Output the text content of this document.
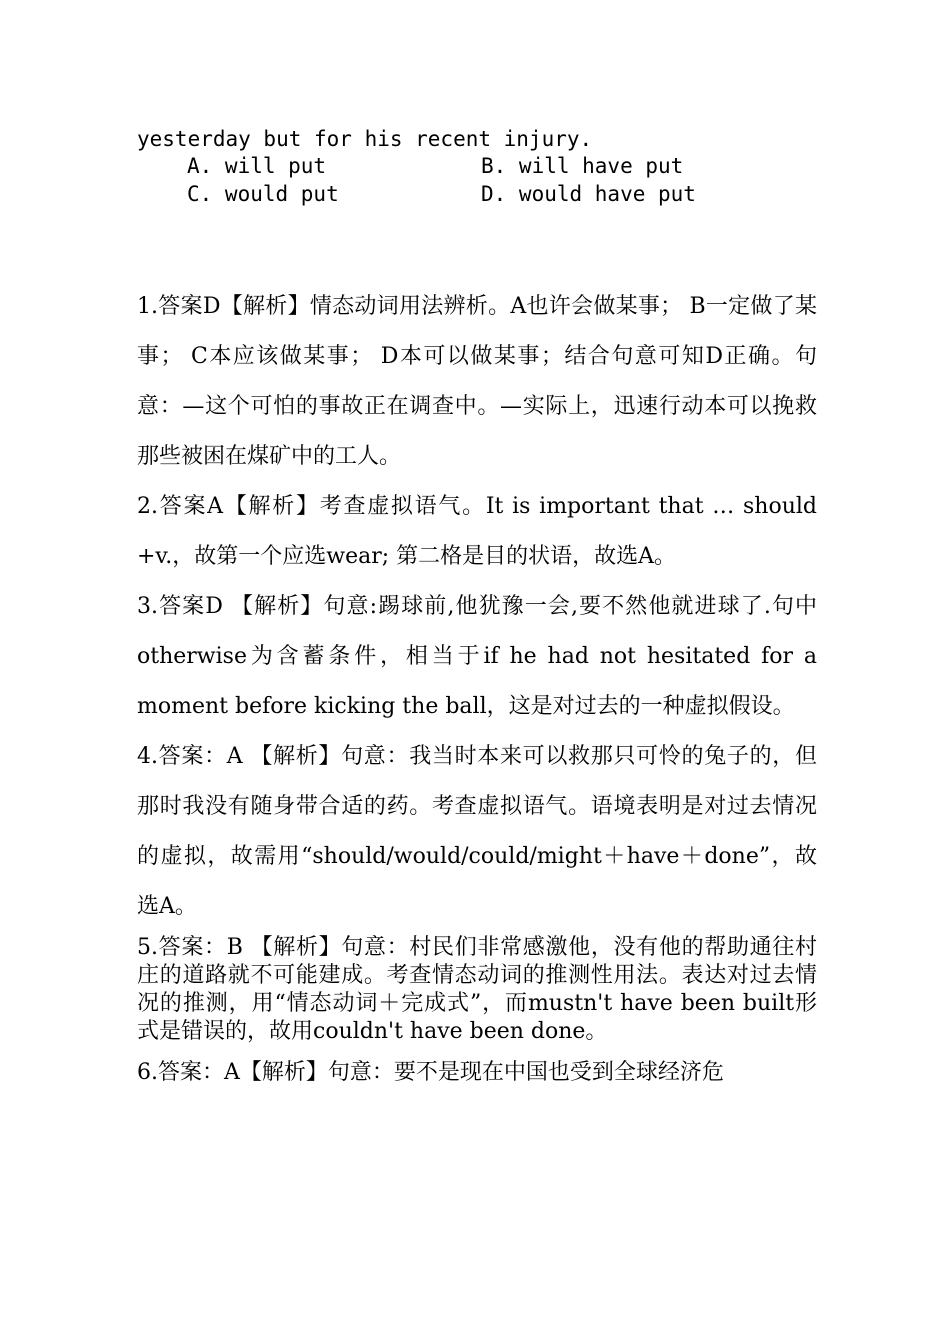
yesterday but for his recent injury.
A. will put	B. will have put
C. would put	D. would have put

1.答案D【解析】情态动词用法辨析。A也许会做某事； B一定做了某事； C本应该做某事； D本可以做某事；结合句意可知D正确。句意：—这个可怕的事故正在调查中。—实际上，迅速行动本可以挽救那些被困在煤矿中的工人。

2.答案A【解析】考查虚拟语气。It is important that … should +v.，故第一个应选wear; 第二格是目的状语，故选A。

3.答案D 【解析】句意:踢球前,他犹豫一会,要不然他就进球了.句中otherwise为含蓄条件，相当于if he had not hesitated for a moment before kicking the ball，这是对过去的一种虚拟假设。

4.答案：A 【解析】句意：我当时本来可以救那只可怜的兔子的，但那时我没有随身带合适的药。考查虚拟语气。语境表明是对过去情况的虚拟，故需用“should/would/could/might＋have＋done”，故选A。

5.答案：B 【解析】句意：村民们非常感激他，没有他的帮助通往村庄的道路就不可能建成。考查情态动词的推测性用法。表达对过去情况的推测，用“情态动词＋完成式”，而mustn't have been built形式是错误的，故用couldn't have been done。

6.答案：A【解析】句意：要不是现在中国也受到全球经济危
